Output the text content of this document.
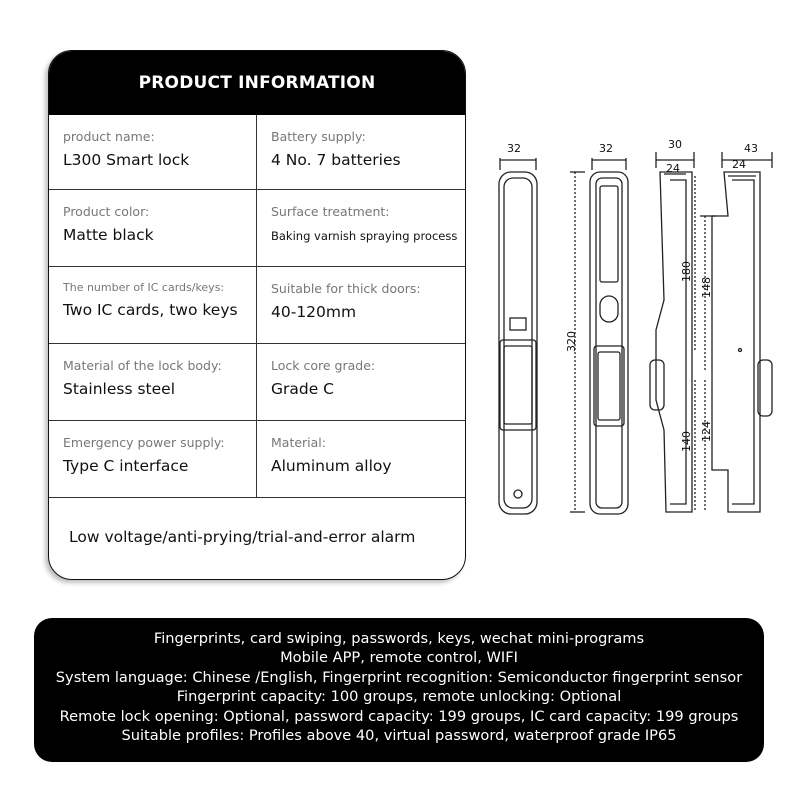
PRODUCT INFORMATION
product name:
L300 Smart lock
Battery supply:
4 No. 7 batteries
Product color:
Matte black
Surface treatment:
Baking varnish spraying process
The number of IC cards/keys:
Two IC cards, two keys
Suitable for thick doors:
40-120mm
Material of the lock body:
Stainless steel
Lock core grade:
Grade C
Emergency power supply:
Type C interface
Material:
Aluminum alloy
Low voltage/anti-prying/trial-and-error alarm
32	32	30
24
43
24
320
180
148
140 124
Fingerprints, card swiping, passwords, keys, wechat mini-programs
Mobile APP, remote control, WIFI
System language: Chinese /English, Fingerprint recognition: Semiconductor fingerprint sensor
Fingerprint capacity: 100 groups, remote unlocking: Optional
Remote lock opening: Optional, password capacity: 199 groups, IC card capacity: 199 groups
Suitable profiles: Profiles above 40, virtual password, waterproof grade IP65
